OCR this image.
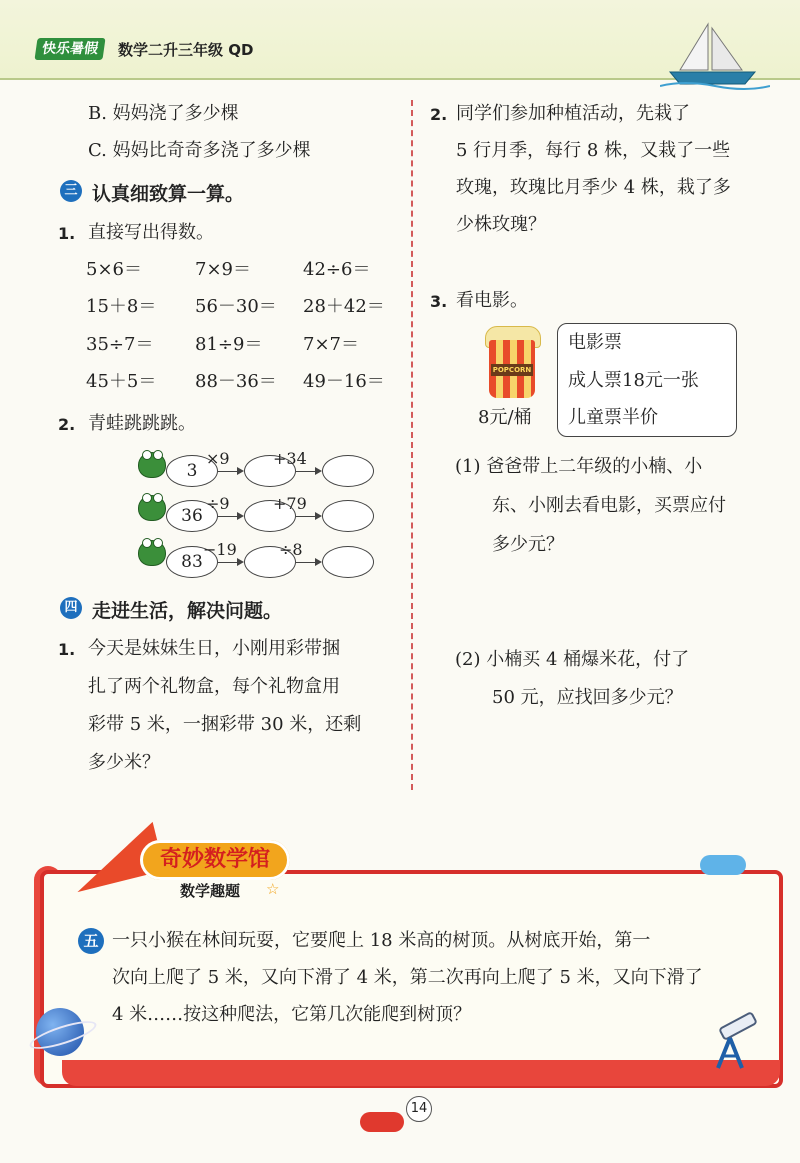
快乐暑假	数学二升三年级 QD
B. 妈妈浇了多少棵
C. 妈妈比奇奇多浇了多少棵
三 认真细致算一算。
1. 直接写出得数。
5×6＝	7×9＝	42÷6＝
15＋8＝ 56－30＝ 28＋42＝
35÷7＝ 81÷9＝ 7×7＝
45＋5＝ 88－36＝ 49－16＝
2. 青蛙跳跳跳。
3
×9	+34
36
÷9	+79
83
−19	÷8
四 走进生活，解决问题。
1. 今天是妹妹生日，小刚用彩带捆
扎了两个礼物盒，每个礼物盒用
彩带 5 米，一捆彩带 30 米，还剩
多少米？
2. 同学们参加种植活动，先栽了
5 行月季，每行 8 株，又栽了一些
玫瑰，玫瑰比月季少 4 株，栽了多
少株玫瑰？
3. 看电影。
POPCORN
8元/桶
电影票
成人票18元一张
儿童票半价
(1) 爸爸带上二年级的小楠、小
东、小刚去看电影，买票应付
多少元？
(2) 小楠买 4 桶爆米花，付了
50 元，应找回多少元？
奇妙数学馆
数学趣题 ☆
五 一只小猴在林间玩耍，它要爬上 18 米高的树顶。从树底开始，第一
次向上爬了 5 米，又向下滑了 4 米，第二次再向上爬了 5 米，又向下滑了
4 米……按这种爬法，它第几次能爬到树顶？
14
